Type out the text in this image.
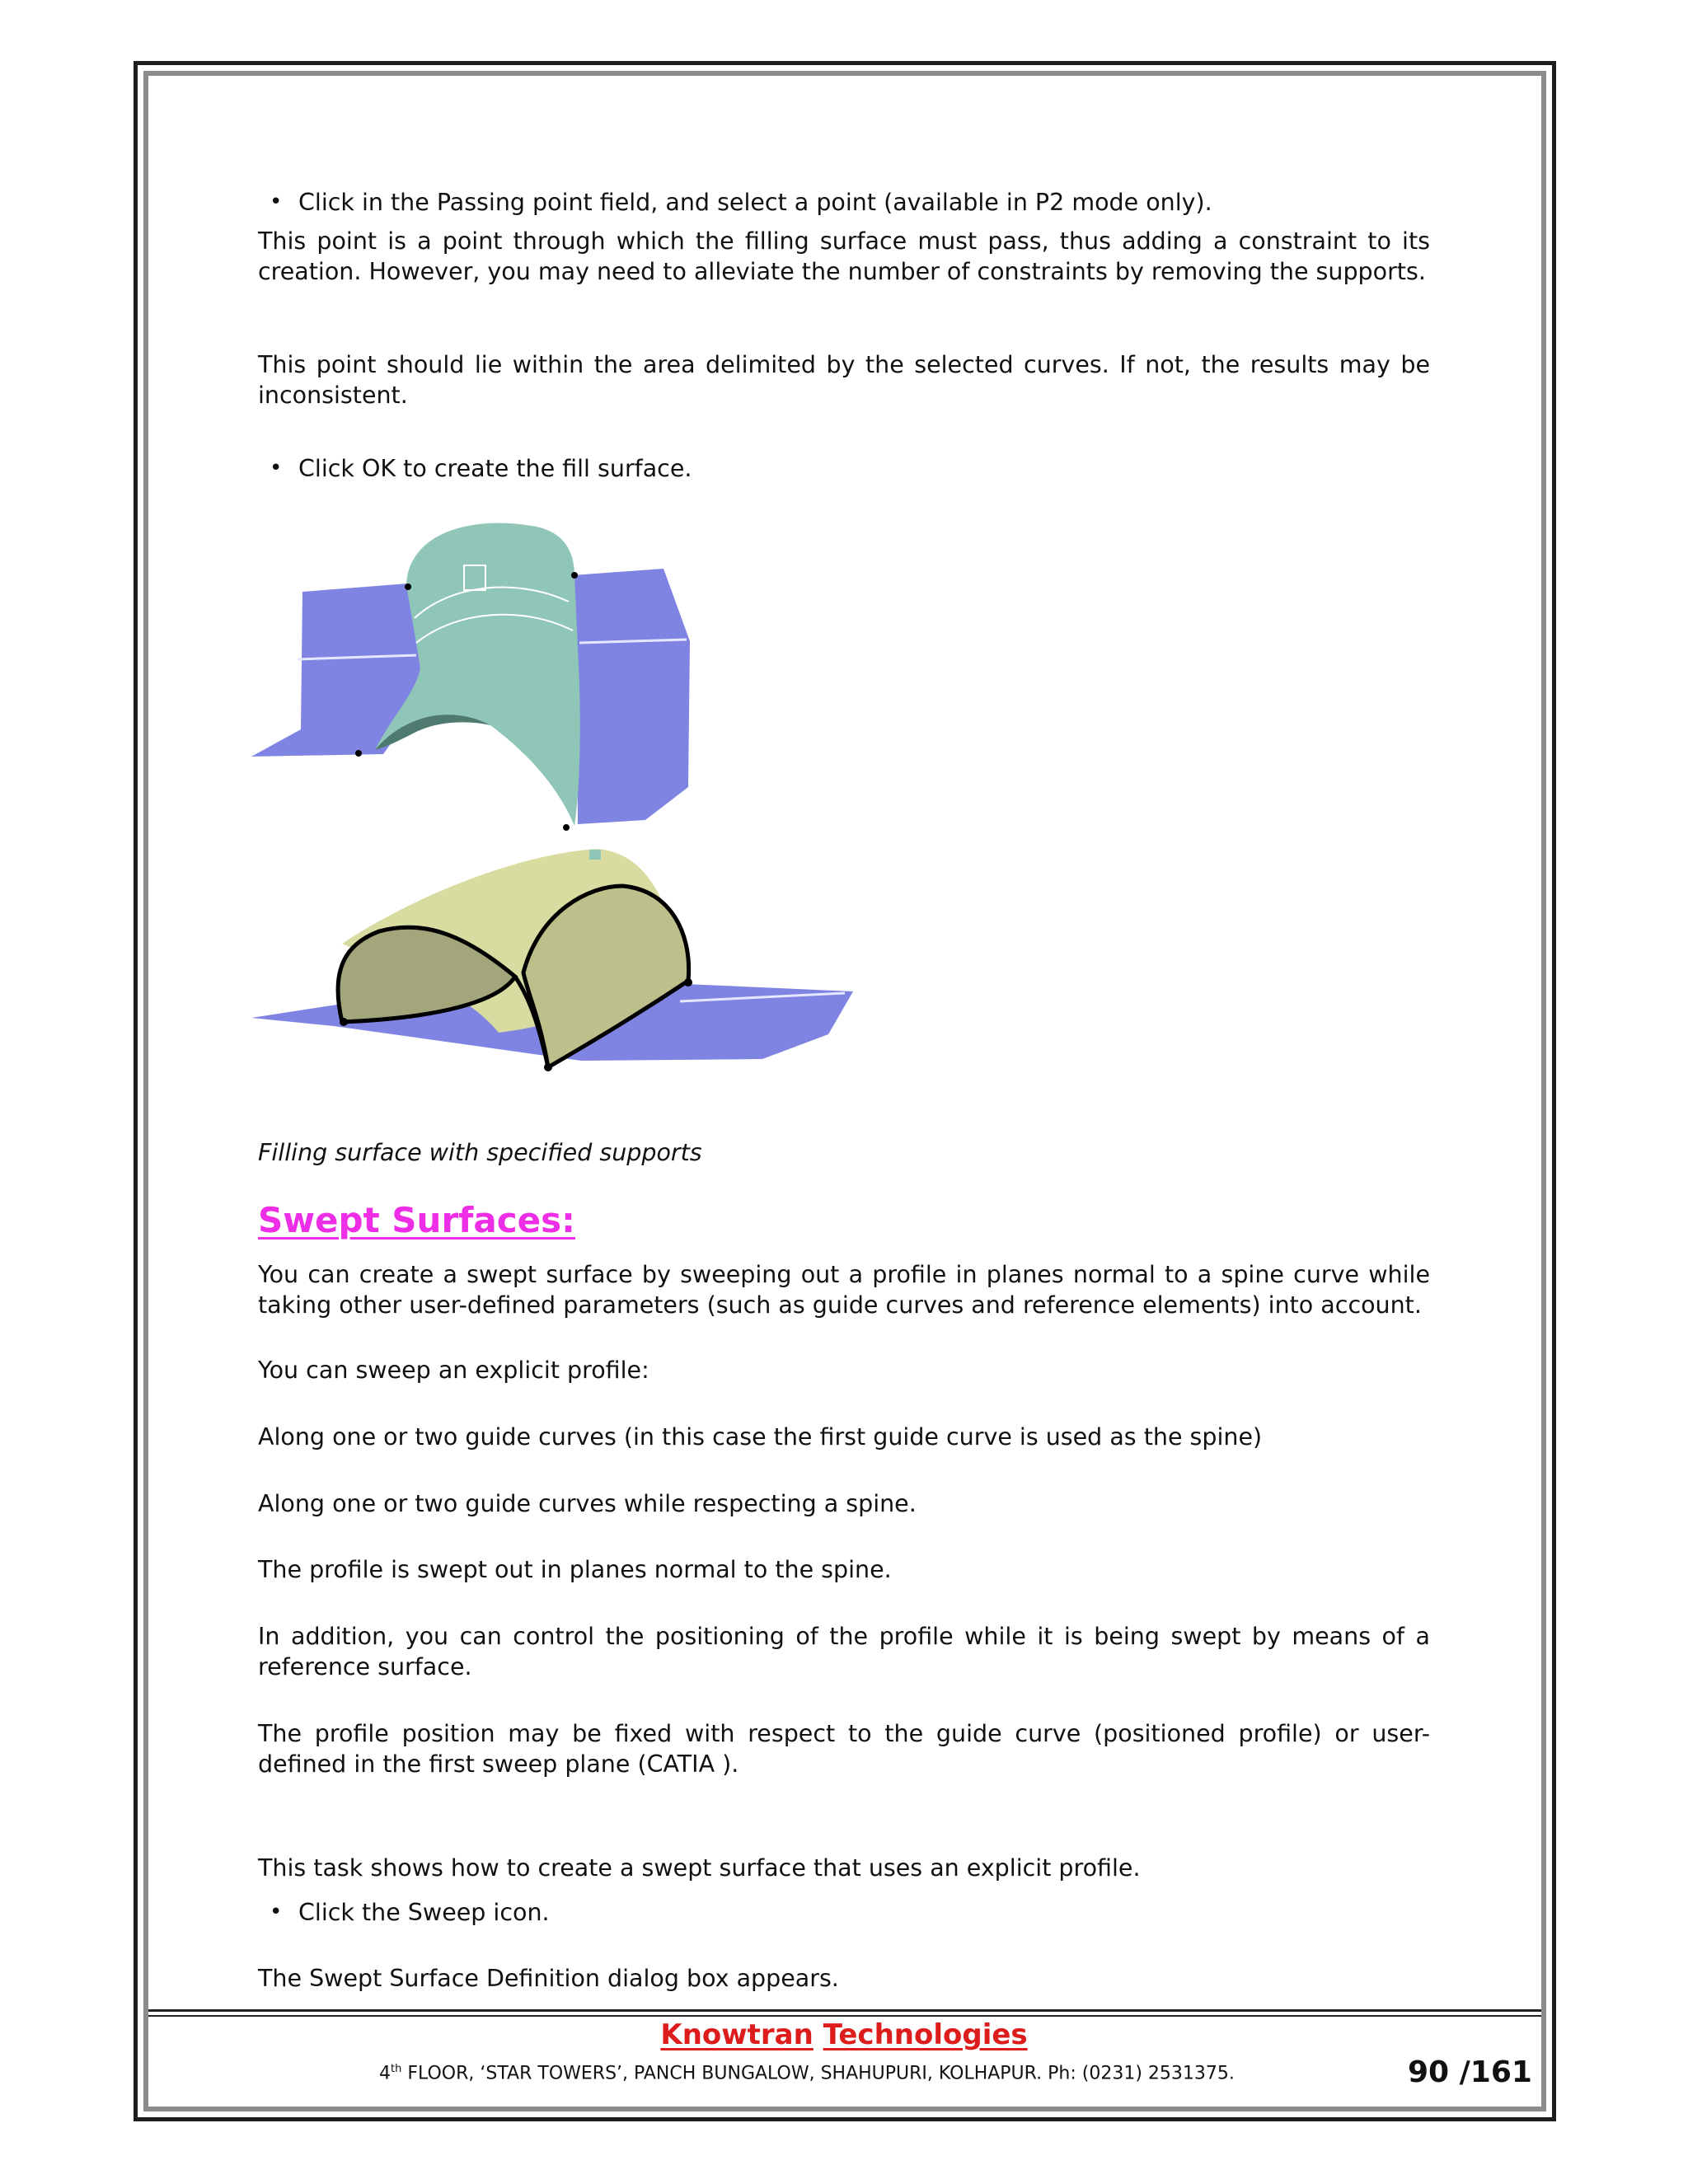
• Click in the Passing point field, and select a point (available in P2 mode only).
This point is a point through which the filling surface must pass, thus adding a constraint to its creation. However, you may need to alleviate the number of constraints by removing the supports.
This point should lie within the area delimited by the selected curves. If not, the results may be inconsistent.
• Click OK to create the fill surface.
Filling surface with specified supports
Swept Surfaces:
You can create a swept surface by sweeping out a profile in planes normal to a spine curve while taking other user-defined parameters (such as guide curves and reference elements) into account.
You can sweep an explicit profile:
Along one or two guide curves (in this case the first guide curve is used as the spine)
Along one or two guide curves while respecting a spine.
The profile is swept out in planes normal to the spine.
In addition, you can control the positioning of the profile while it is being swept by means of a reference surface.
The profile position may be fixed with respect to the guide curve (positioned profile) or user-defined in the first sweep plane (CATIA ).
This task shows how to create a swept surface that uses an explicit profile.
• Click the Sweep icon.
The Swept Surface Definition dialog box appears.
Knowtran Technologies
4th FLOOR, ‘STAR TOWERS’, PANCH BUNGALOW, SHAHUPURI, KOLHAPUR. Ph: (0231) 2531375.	90 /161
